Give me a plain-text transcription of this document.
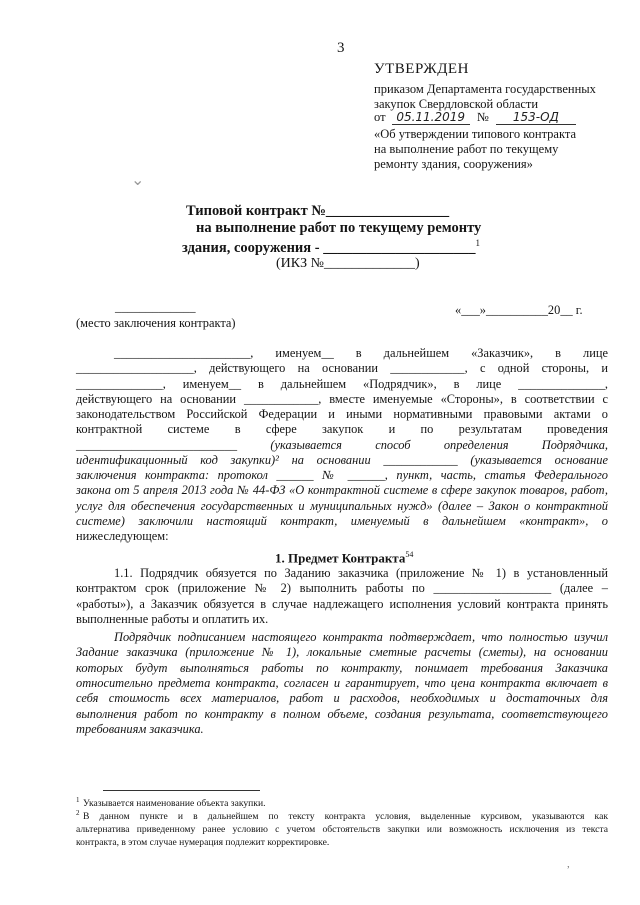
3
УТВЕРЖДЕН
приказом Департамента государственных
закупок Свердловской области
от 05.11.2019 № 153-ОД
«Об утверждении типового контракта
на выполнение работ по текущему
ремонту здания, сооружения»
Типовой контракт №_________________
на выполнение работ по текущему ремонту
здания, сооружения - _____________________$^1$
(ИКЗ №_____________)
_____________
(место заключения контракта)
«___»__________20__ г.
______________________, именуем__ в дальнейшем «Заказчик», в лице
___________________, действующего на основании ____________, с одной стороны, и
______________, именуем__ в дальнейшем «Подрядчик», в лице ______________,
действующего на основании ____________, вместе именуемые «Стороны», в соответствии с
законодательством Российской Федерации и иными нормативными правовыми актами о
контрактной системе в сфере закупок и по результатам проведения
__________________________ (указывается способ определения Подрядчика,
идентификационный код закупки)² на основании ____________ (указывается основание
заключения контракта: протокол ______ № ______, пункт, часть, статья Федерального
закона от 5 апреля 2013 года № 44-ФЗ «О контрактной системе в сфере закупок товаров, работ,
услуг для обеспечения государственных и муниципальных нужд» (далее – Закон о контрактной
системе) заключили настоящий контракт, именуемый в дальнейшем «контракт», о
нижеследующем:
1. Предмет Контракта$^{54}$
1.1. Подрядчик обязуется по Заданию заказчика (приложение № 1) в установленный
контрактом срок (приложение № 2) выполнить работы по ___________________ (далее –
«работы»), а Заказчик обязуется в случае надлежащего исполнения условий контракта принять
выполненные работы и оплатить их.
Подрядчик подписанием настоящего контракта подтверждает, что полностью изучил
Задание заказчика (приложение № 1), локальные сметные расчеты (сметы), на основании
которых будут выполняться работы по контракту, понимает требования Заказчика
относительно предмета контракта, согласен и гарантирует, что цена контракта включает в
себя стоимость всех материалов, работ и расходов, необходимых и достаточных для
выполнения работ по контракту в полном объеме, создания результата, соответствующего
требованиям заказчика.
1 Указывается наименование объекта закупки.
2 В данном пункте и в дальнейшем по тексту контракта условия, выделенные курсивом, указываются как
альтернатива приведенному ранее условию с учетом обстоятельств закупки или возможность исключения из текста
контракта, в этом случае нумерация подлежит корректировке.
⌄
,
